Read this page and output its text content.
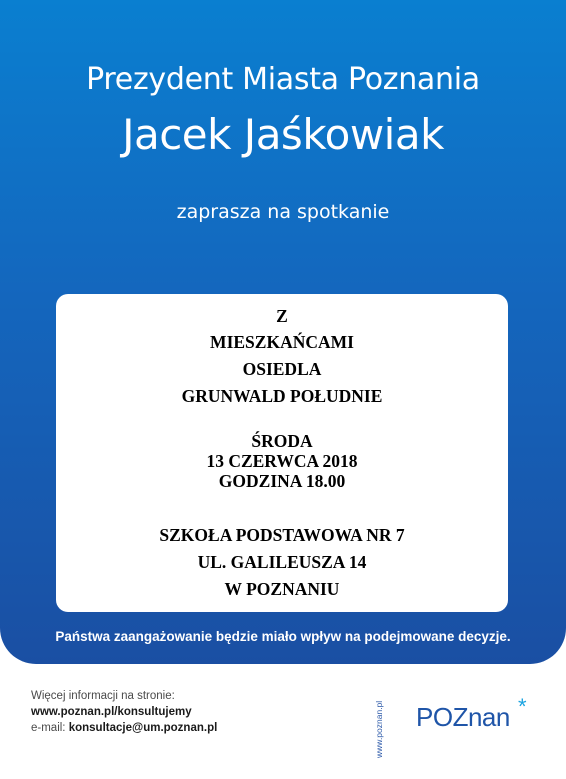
Prezydent Miasta Poznania
Jacek Jaśkowiak
zaprasza na spotkanie
Z
MIESZKAŃCAMI
OSIEDLA
GRUNWALD POŁUDNIE
ŚRODA
13 CZERWCA 2018
GODZINA 18.00
SZKOŁA PODSTAWOWA NR 7
UL. GALILEUSZA 14
W POZNANIU
Państwa zaangażowanie będzie miało wpływ na podejmowane decyzje.
Więcej informacji na stronie:
www.poznan.pl/konsultujemy
e-mail: konsultacje@um.poznan.pl	www.poznan.pl POZnan *
